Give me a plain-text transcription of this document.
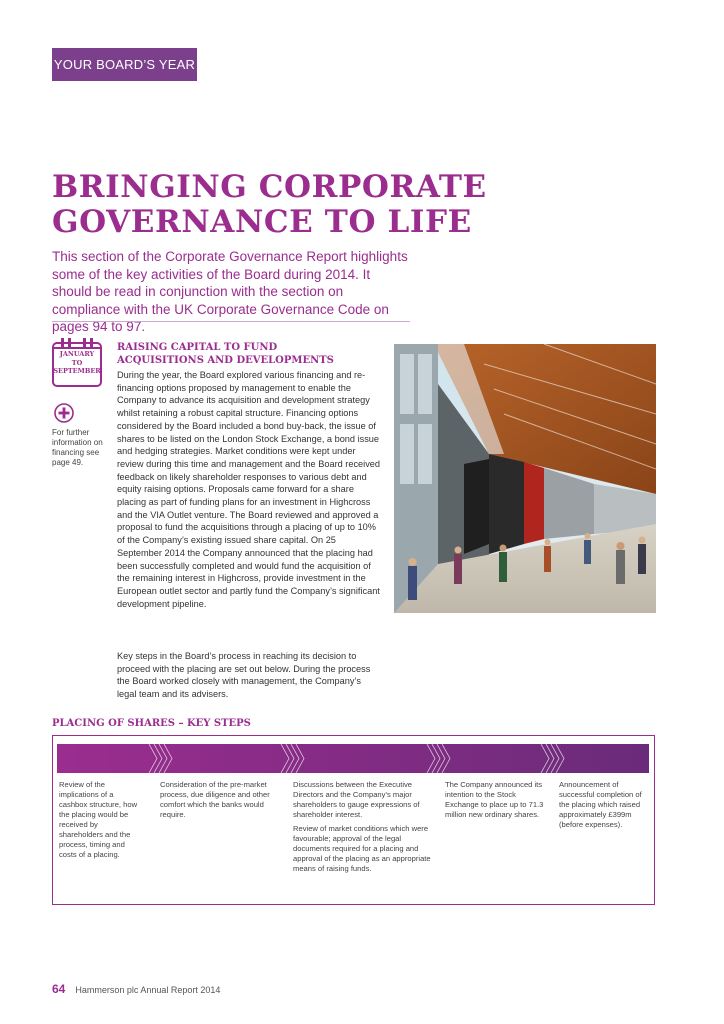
YOUR BOARD’S YEAR
BRINGING CORPORATE GOVERNANCE TO LIFE

This section of the Corporate Governance Report highlights some of the key activities of the Board during 2014. It should be read in conjunction with the section on compliance with the UK Corporate Governance Code on pages 94 to 97.

JANUARY
TO
SEPTEMBER

For further information on financing see page 49.

RAISING CAPITAL TO FUND ACQUISITIONS AND DEVELOPMENTS

During the year, the Board explored various financing and re-financing options proposed by management to enable the Company to advance its acquisition and development strategy whilst retaining a robust capital structure. Financing options considered by the Board included a bond buy-back, the issue of shares to be listed on the London Stock Exchange, a bond issue and hedging strategies. Market conditions were kept under review during this time and management and the Board received feedback on likely shareholder responses to various debt and equity raising options. Proposals came forward for a share placing as part of funding plans for an investment in Highcross and the VIA Outlet venture. The Board reviewed and approved a proposal to fund the acquisitions through a placing of up to 10% of the Company’s existing issued share capital. On 25 September 2014 the Company announced that the placing had been successfully completed and would fund the acquisition of the remaining interest in Highcross, provide investment in the European outlet sector and partly fund the Company’s significant development pipeline.

Key steps in the Board’s process in reaching its decision to proceed with the placing are set out below. During the process the Board worked closely with management, the Company’s legal team and its advisers.

PLACING OF SHARES – KEY STEPS

Review of the implications of a cashbox structure, how the placing would be received by shareholders and the process, timing and costs of a placing.

Consideration of the pre-market process, due diligence and other comfort which the banks would require.

Discussions between the Executive Directors and the Company’s major shareholders to gauge expressions of shareholder interest.

Review of market conditions which were favourable; approval of the legal documents required for a placing and approval of the placing as an appropriate means of raising funds.

The Company announced its intention to the Stock Exchange to place up to 71.3 million new ordinary shares.

Announcement of successful completion of the placing which raised approximately £399m (before expenses).

64 Hammerson plc Annual Report 2014
